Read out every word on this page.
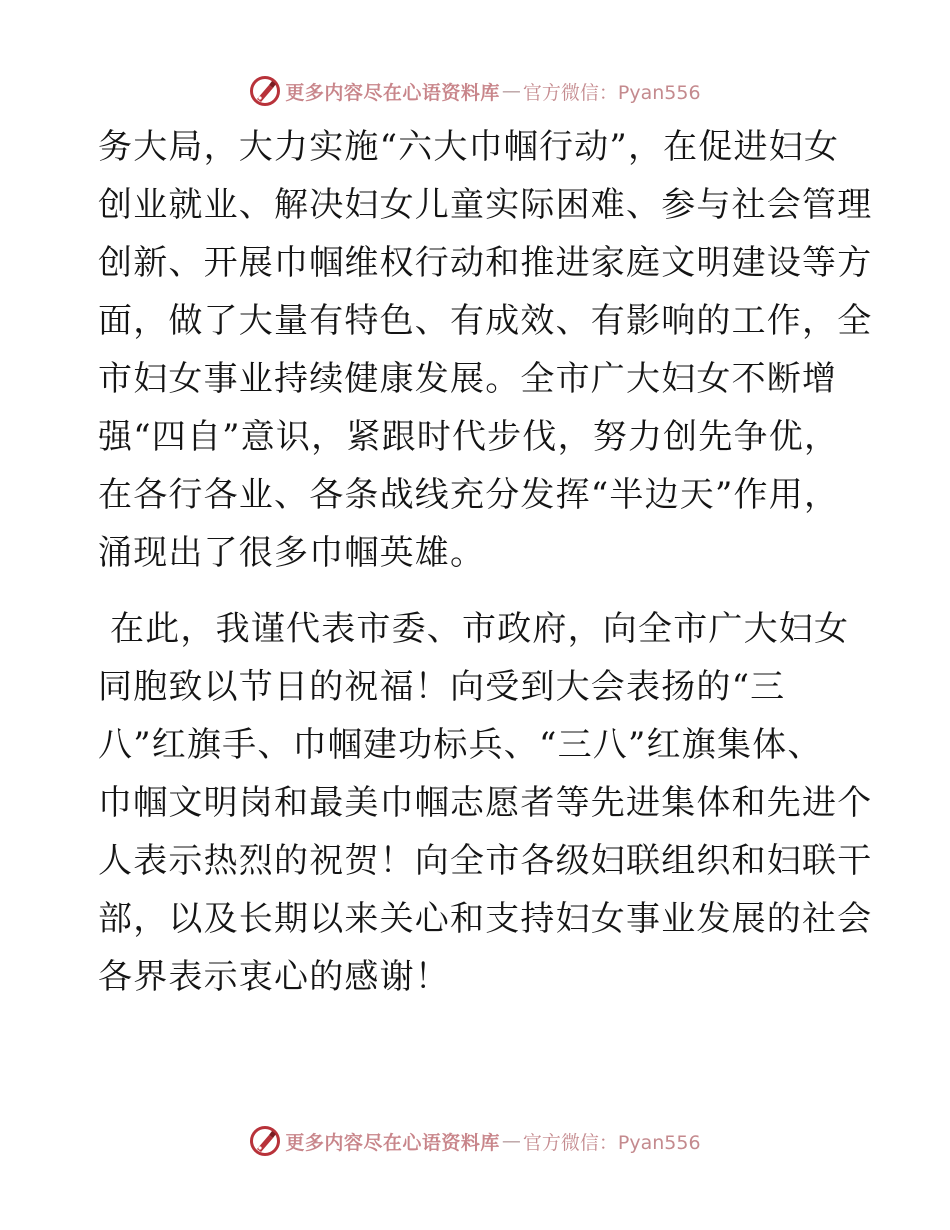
更多内容尽在心语资料库 — 官方微信：Pyan556
务大局，大力实施“六大巾帼行动”，在促进妇女
创业就业、解决妇女儿童实际困难、参与社会管理
创新、开展巾帼维权行动和推进家庭文明建设等方
面，做了大量有特色、有成效、有影响的工作，全
市妇女事业持续健康发展。全市广大妇女不断增
强“四自”意识，紧跟时代步伐，努力创先争优，
在各行各业、各条战线充分发挥“半边天”作用，
涌现出了很多巾帼英雄。
在此，我谨代表市委、市政府，向全市广大妇女
同胞致以节日的祝福！向受到大会表扬的“三
八”红旗手、巾帼建功标兵、“三八”红旗集体、
巾帼文明岗和最美巾帼志愿者等先进集体和先进个
人表示热烈的祝贺！向全市各级妇联组织和妇联干
部，以及长期以来关心和支持妇女事业发展的社会
各界表示衷心的感谢！
更多内容尽在心语资料库 — 官方微信：Pyan556
